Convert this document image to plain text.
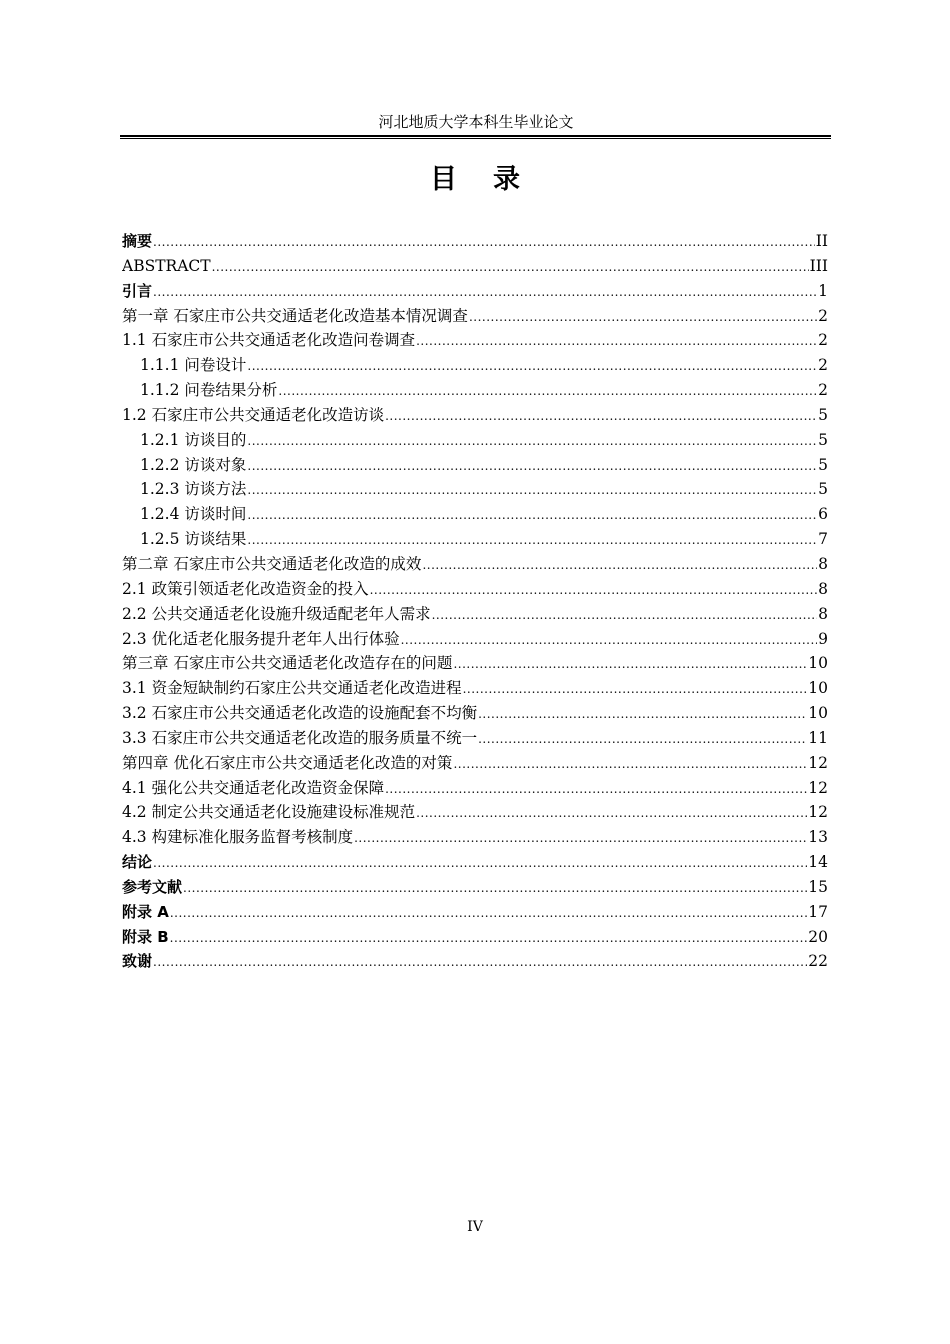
河北地质大学本科生毕业论文
目录
摘要 .....	II
ABSTRACT .....	III
引言 .....	1
第一章 石家庄市公共交通适老化改造基本情况调查 .....	2
1.1 石家庄市公共交通适老化改造问卷调查 .....	2
1.1.1 问卷设计 .....	2
1.1.2 问卷结果分析 .....	2
1.2 石家庄市公共交通适老化改造访谈 .....	5
1.2.1 访谈目的 .....	5
1.2.2 访谈对象 .....	5
1.2.3 访谈方法 .....	5
1.2.4 访谈时间 .....	6
1.2.5 访谈结果 .....	7
第二章 石家庄市公共交通适老化改造的成效 .....	8
2.1 政策引领适老化改造资金的投入 .....	8
2.2 公共交通适老化设施升级适配老年人需求 .....	8
2.3 优化适老化服务提升老年人出行体验 .....	9
第三章 石家庄市公共交通适老化改造存在的问题 .....	10
3.1 资金短缺制约石家庄公共交通适老化改造进程 .....	10
3.2 石家庄市公共交通适老化改造的设施配套不均衡 .....	10
3.3 石家庄市公共交通适老化改造的服务质量不统一 .....	11
第四章 优化石家庄市公共交通适老化改造的对策 .....	12
4.1 强化公共交通适老化改造资金保障 .....	12
4.2 制定公共交通适老化设施建设标准规范 .....	12
4.3 构建标准化服务监督考核制度 .....	13
结论 .....	14
参考文献 .....	15
附录 A .....	17
附录 B .....	20
致谢 .....	22
IV
